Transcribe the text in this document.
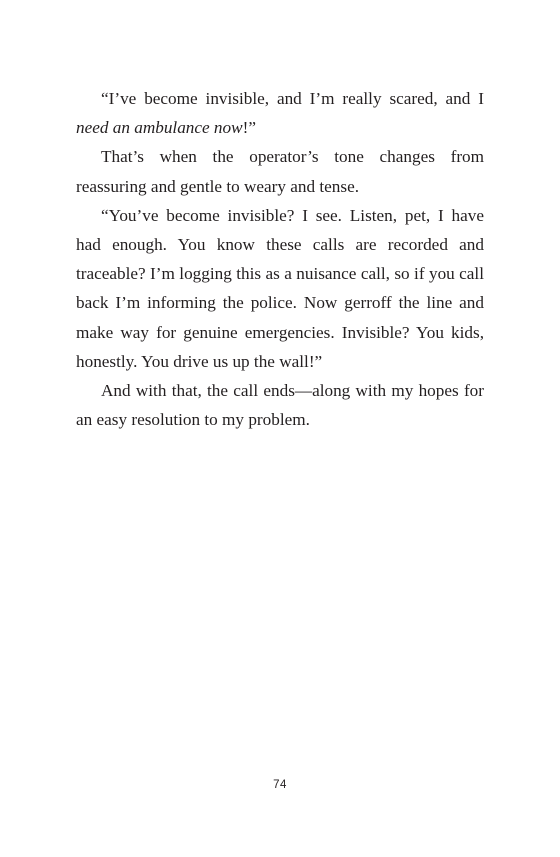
“I’ve become invisible, and I’m really scared, and I need an ambulance now!”

That’s when the operator’s tone changes from reassuring and gentle to weary and tense.

“You’ve become invisible? I see. Listen, pet, I have had enough. You know these calls are recorded and traceable? I’m logging this as a nuisance call, so if you call back I’m informing the police. Now gerroff the line and make way for genuine emergencies. Invisible? You kids, honestly. You drive us up the wall!”

And with that, the call ends—along with my hopes for an easy resolution to my problem.

74
